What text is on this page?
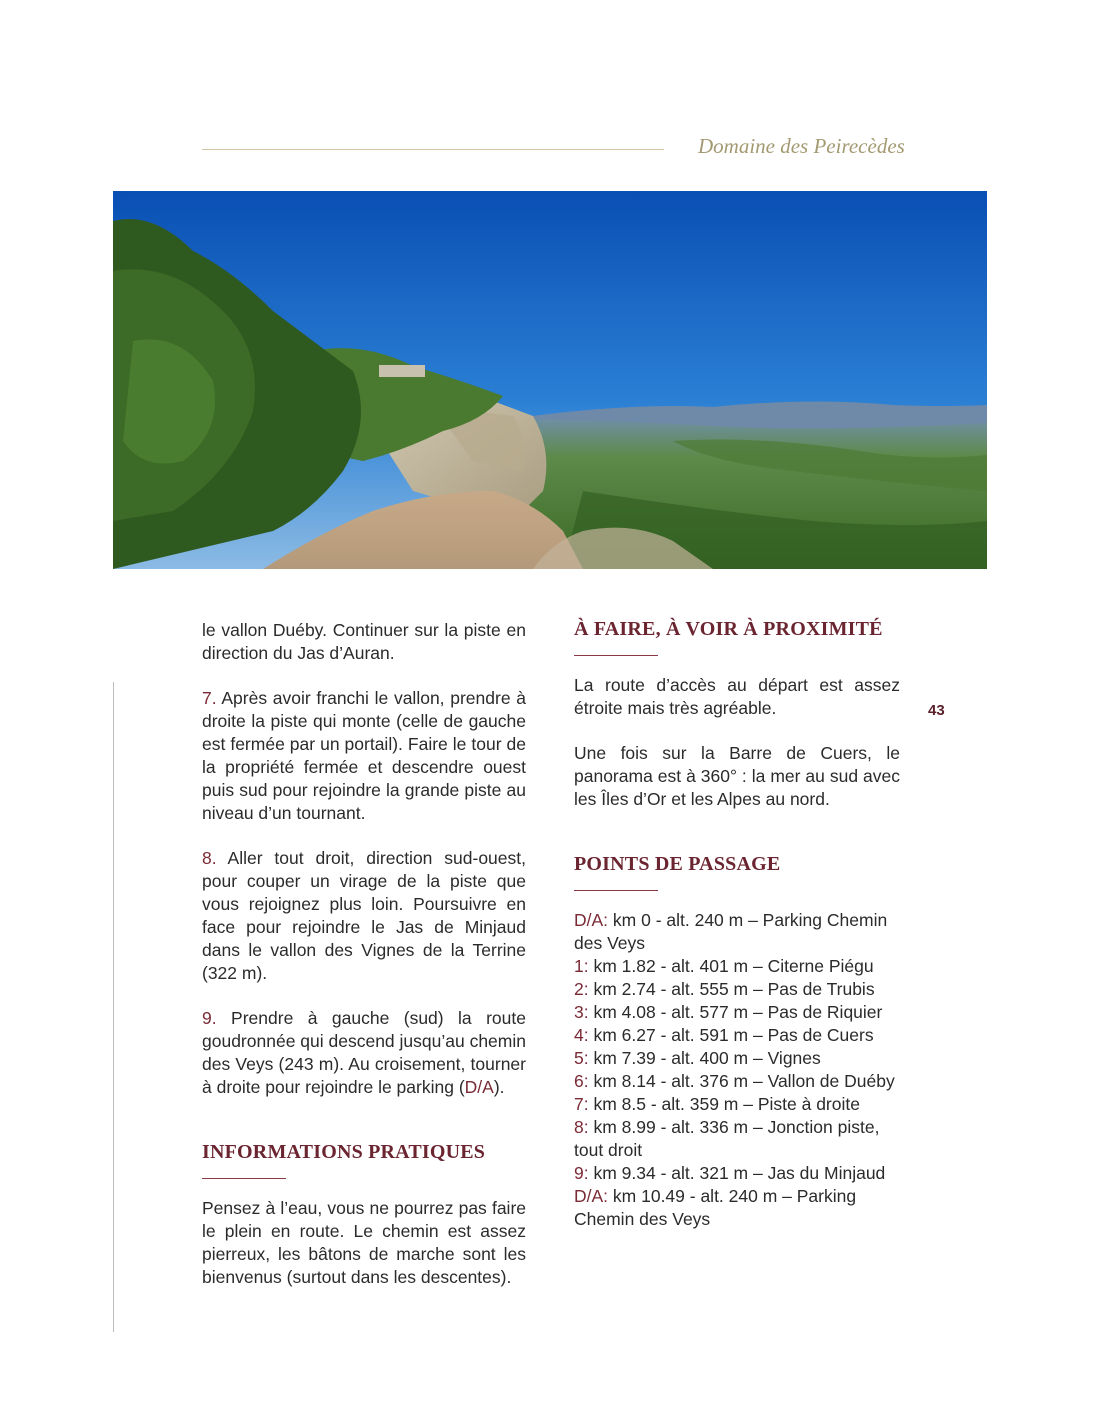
Domaine des Peirecèdes

le vallon Duéby. Continuer sur la piste en direction du Jas d’Auran.

7. Après avoir franchi le vallon, prendre à droite la piste qui monte (celle de gauche est fermée par un portail). Faire le tour de la propriété fermée et descendre ouest puis sud pour rejoindre la grande piste au niveau d’un tournant.

8. Aller tout droit, direction sud-ouest, pour couper un virage de la piste que vous rejoignez plus loin. Poursuivre en face pour rejoindre le Jas de Minjaud dans le vallon des Vignes de la Terrine (322 m).

9. Prendre à gauche (sud) la route goudronnée qui descend jusqu’au chemin des Veys (243 m). Au croisement, tourner à droite pour rejoindre le parking (D/A).

INFORMATIONS PRATIQUES

Pensez à l’eau, vous ne pourrez pas faire le plein en route. Le chemin est assez pierreux, les bâtons de marche sont les bienvenus (surtout dans les descentes).

À FAIRE, À VOIR À PROXIMITÉ

La route d’accès au départ est assez étroite mais très agréable.

Une fois sur la Barre de Cuers, le panorama est à 360° : la mer au sud avec les Îles d’Or et les Alpes au nord.

POINTS DE PASSAGE
D/A: km 0 - alt. 240 m – Parking Chemin des Veys
1: km 1.82 - alt. 401 m – Citerne Piégu
2: km 2.74 - alt. 555 m – Pas de Trubis
3: km 4.08 - alt. 577 m – Pas de Riquier
4: km 6.27 - alt. 591 m – Pas de Cuers
5: km 7.39 - alt. 400 m – Vignes
6: km 8.14 - alt. 376 m – Vallon de Duéby
7: km 8.5 - alt. 359 m – Piste à droite
8: km 8.99 - alt. 336 m – Jonction piste, tout droit
9: km 9.34 - alt. 321 m – Jas du Minjaud
D/A: km 10.49 - alt. 240 m – Parking Chemin des Veys
43
